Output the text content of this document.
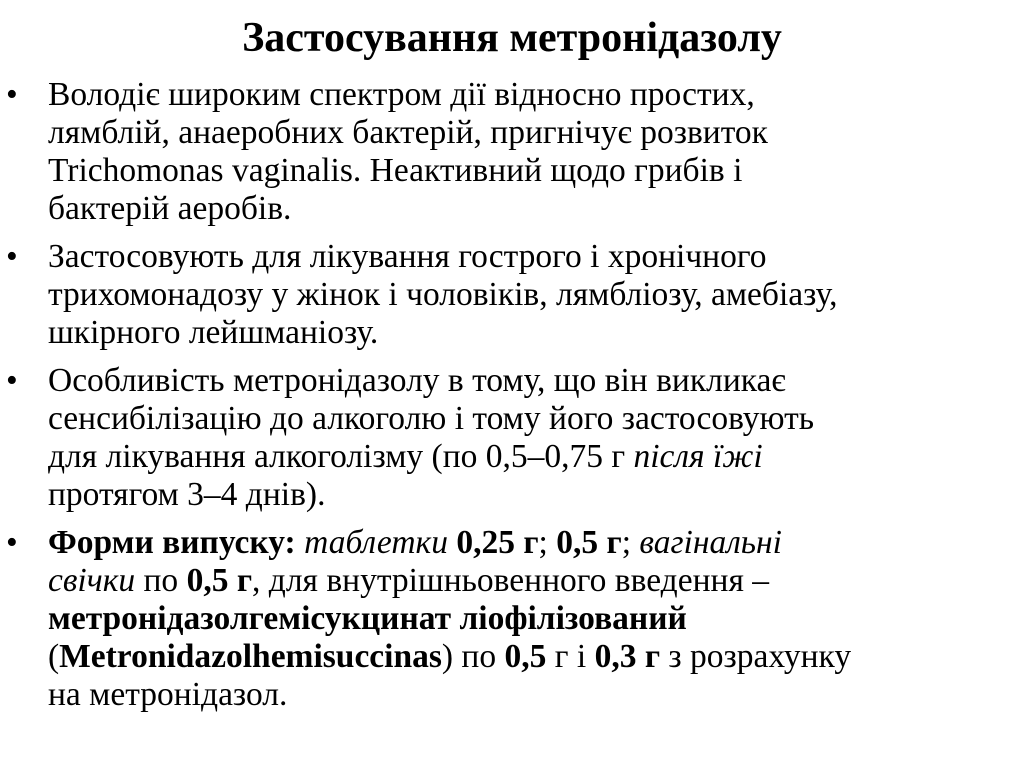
Застосування метронідазолу
• Володіє широким спектром дії відносно простих,
лямблій, анаеробних бактерій, пригнічує розвиток
Trichomonas vaginalis. Неактивний щодо грибів і
бактерій аеробів.
• Застосовують для лікування гострого і хронічного
трихомонадозу у жінок і чоловіків, лямбліозу, амебіазу,
шкірного лейшманіозу.
• Особливість метронідазолу в тому, що він викликає
сенсибілізацію до алкоголю і тому його застосовують
для лікування алкоголізму (по 0,5–0,75 г після їжі
протягом 3–4 днів).
• Форми випуску: таблетки 0,25 г; 0,5 г; вагінальні
свічки по 0,5 г, для внутрішньовенного введення –
метронідазолгемісукцинат ліофілізований
(Metronidazolhemisuccinas) по 0,5 г і 0,3 г з розрахунку
на метронідазол.
